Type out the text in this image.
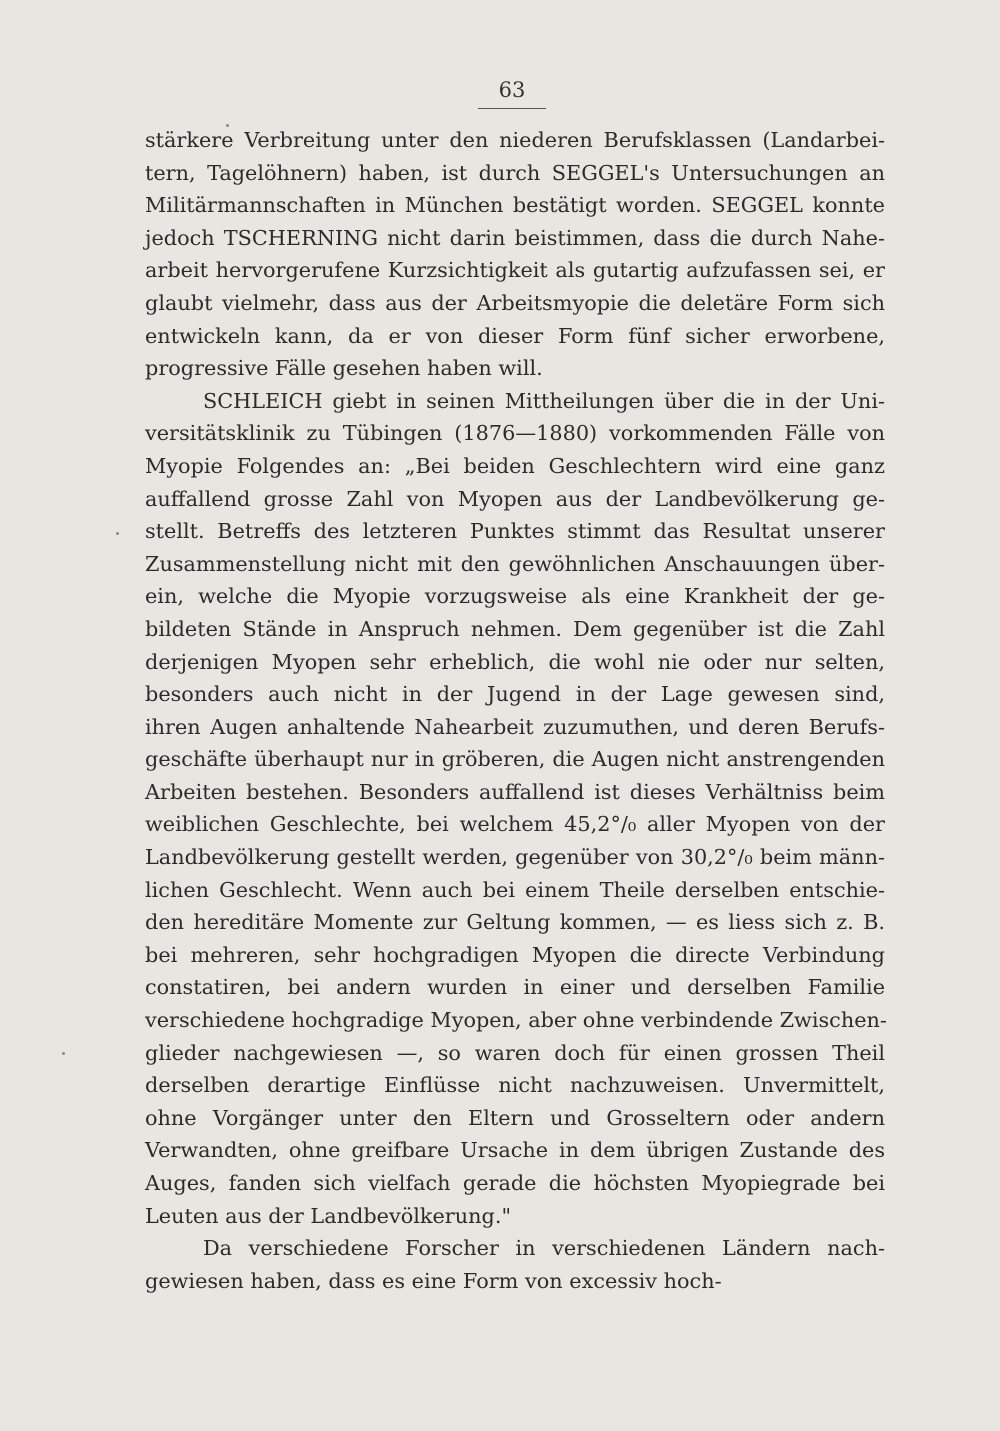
63
stärkere Verbreitung unter den niederen Berufsklassen (Landarbei-
tern, Tagelöhnern) haben, ist durch SEGGEL's Untersuchungen an
Militärmannschaften in München bestätigt worden. SEGGEL konnte
jedoch TSCHERNING nicht darin beistimmen, dass die durch Nahe-
arbeit hervorgerufene Kurzsichtigkeit als gutartig aufzufassen sei, er
glaubt vielmehr, dass aus der Arbeitsmyopie die deletäre Form sich
entwickeln kann, da er von dieser Form fünf sicher erworbene,
progressive Fälle gesehen haben will.
SCHLEICH giebt in seinen Mittheilungen über die in der Uni-
versitätsklinik zu Tübingen (1876—1880) vorkommenden Fälle von
Myopie Folgendes an: „Bei beiden Geschlechtern wird eine ganz
auffallend grosse Zahl von Myopen aus der Landbevölkerung ge-
stellt. Betreffs des letzteren Punktes stimmt das Resultat unserer
Zusammenstellung nicht mit den gewöhnlichen Anschauungen über-
ein, welche die Myopie vorzugsweise als eine Krankheit der ge-
bildeten Stände in Anspruch nehmen. Dem gegenüber ist die Zahl
derjenigen Myopen sehr erheblich, die wohl nie oder nur selten,
besonders auch nicht in der Jugend in der Lage gewesen sind,
ihren Augen anhaltende Nahearbeit zuzumuthen, und deren Berufs-
geschäfte überhaupt nur in gröberen, die Augen nicht anstrengenden
Arbeiten bestehen. Besonders auffallend ist dieses Verhältniss beim
weiblichen Geschlechte, bei welchem 45,2°/₀ aller Myopen von der
Landbevölkerung gestellt werden, gegenüber von 30,2°/₀ beim männ-
lichen Geschlecht. Wenn auch bei einem Theile derselben entschie-
den hereditäre Momente zur Geltung kommen, — es liess sich z. B.
bei mehreren, sehr hochgradigen Myopen die directe Verbindung
constatiren, bei andern wurden in einer und derselben Familie
verschiedene hochgradige Myopen, aber ohne verbindende Zwischen-
glieder nachgewiesen —, so waren doch für einen grossen Theil
derselben derartige Einflüsse nicht nachzuweisen. Unvermittelt,
ohne Vorgänger unter den Eltern und Grosseltern oder andern
Verwandten, ohne greifbare Ursache in dem übrigen Zustande des
Auges, fanden sich vielfach gerade die höchsten Myopiegrade bei
Leuten aus der Landbevölkerung."
Da verschiedene Forscher in verschiedenen Ländern nach-
gewiesen haben, dass es eine Form von excessiv hoch-
